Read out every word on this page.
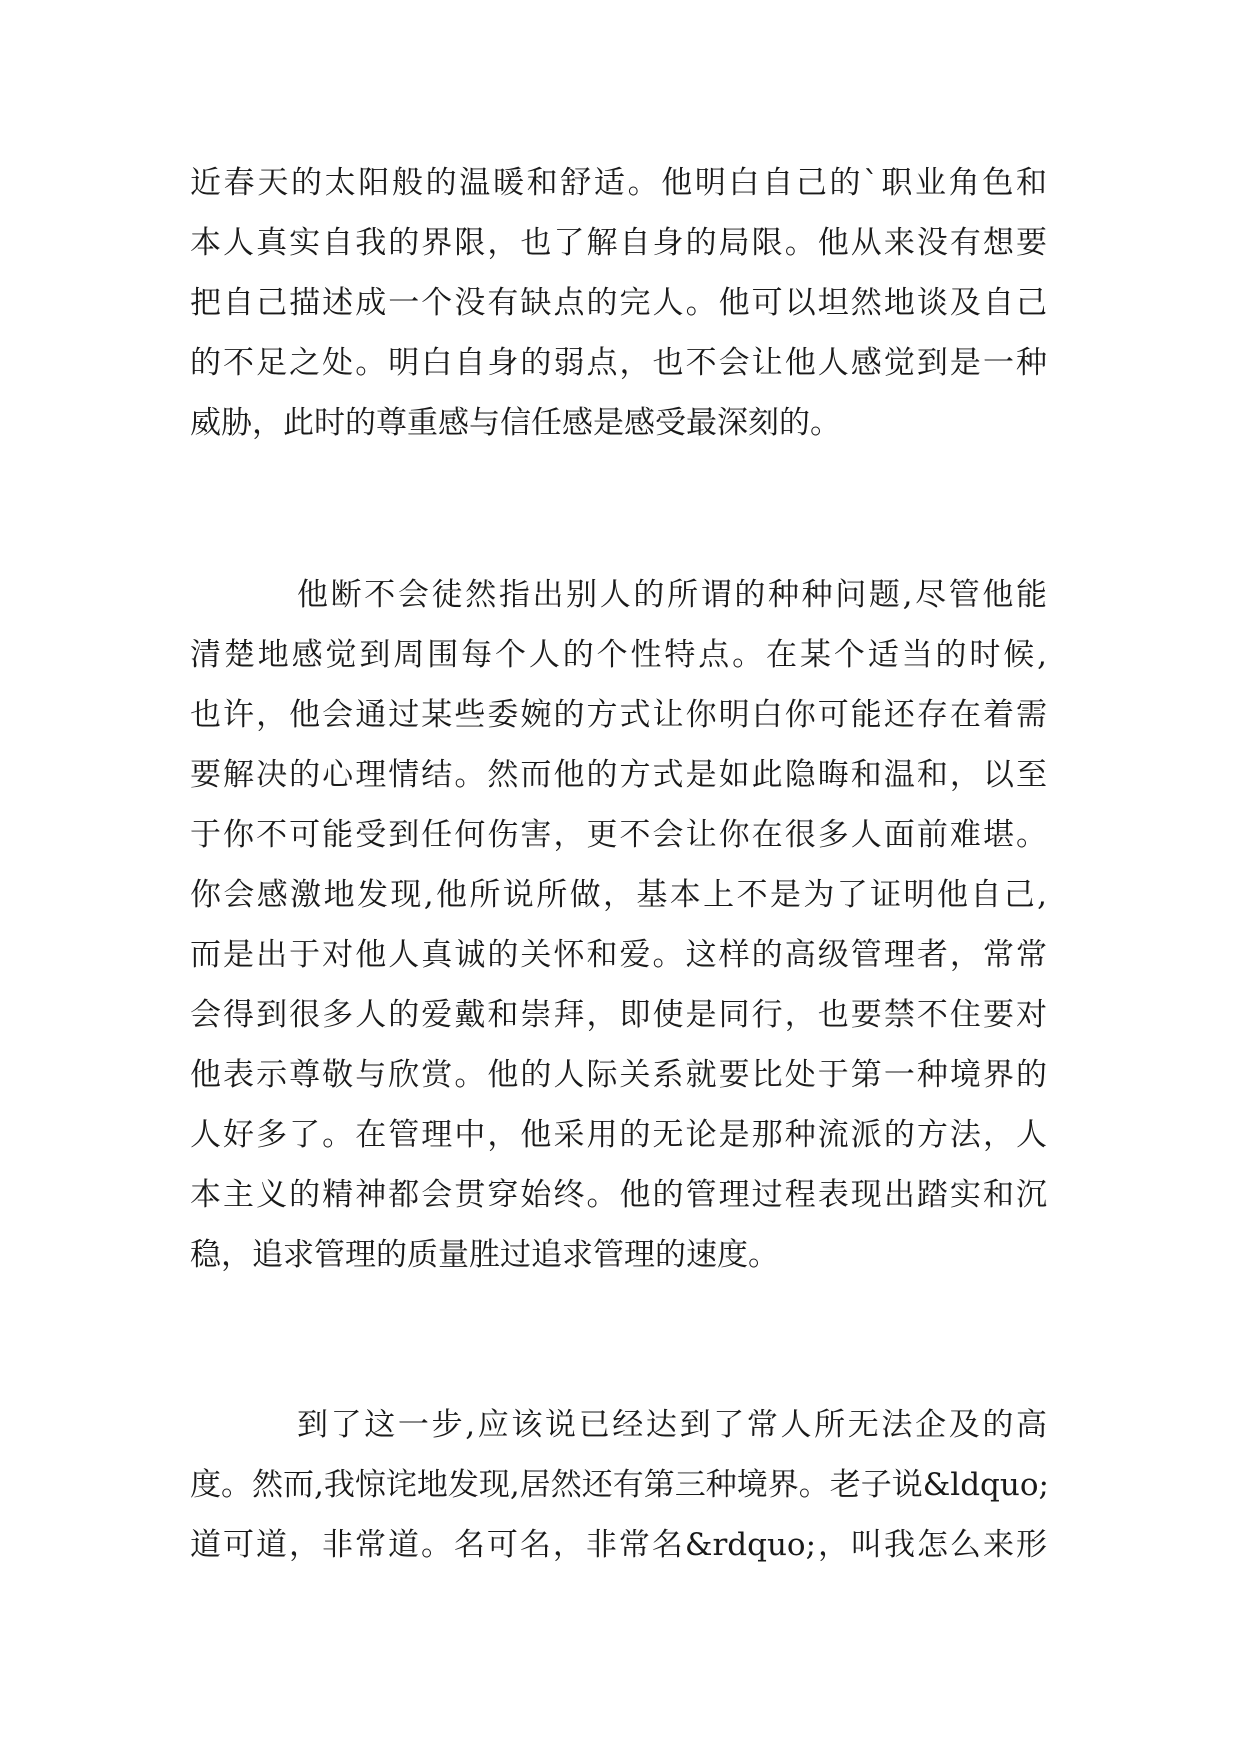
近春天的太阳般的温暖和舒适。他明白自己的`职业角色和
本人真实自我的界限，也了解自身的局限。他从来没有想要
把自己描述成一个没有缺点的完人。他可以坦然地谈及自己
的不足之处。明白自身的弱点，也不会让他人感觉到是一种
威胁，此时的尊重感与信任感是感受最深刻的。
他断不会徒然指出别人的所谓的种种问题,尽管他能
清楚地感觉到周围每个人的个性特点。在某个适当的时候,
也许，他会通过某些委婉的方式让你明白你可能还存在着需
要解决的心理情结。然而他的方式是如此隐晦和温和，以至
于你不可能受到任何伤害，更不会让你在很多人面前难堪。
你会感激地发现,他所说所做，基本上不是为了证明他自己,
而是出于对他人真诚的关怀和爱。这样的高级管理者，常常
会得到很多人的爱戴和崇拜，即使是同行，也要禁不住要对
他表示尊敬与欣赏。他的人际关系就要比处于第一种境界的
人好多了。在管理中，他采用的无论是那种流派的方法，人
本主义的精神都会贯穿始终。他的管理过程表现出踏实和沉
稳，追求管理的质量胜过追求管理的速度。
到了这一步,应该说已经达到了常人所无法企及的高
度。然而,我惊诧地发现,居然还有第三种境界。老子说&ldquo;
道可道，非常道。名可名，非常名&rdquo;，叫我怎么来形
